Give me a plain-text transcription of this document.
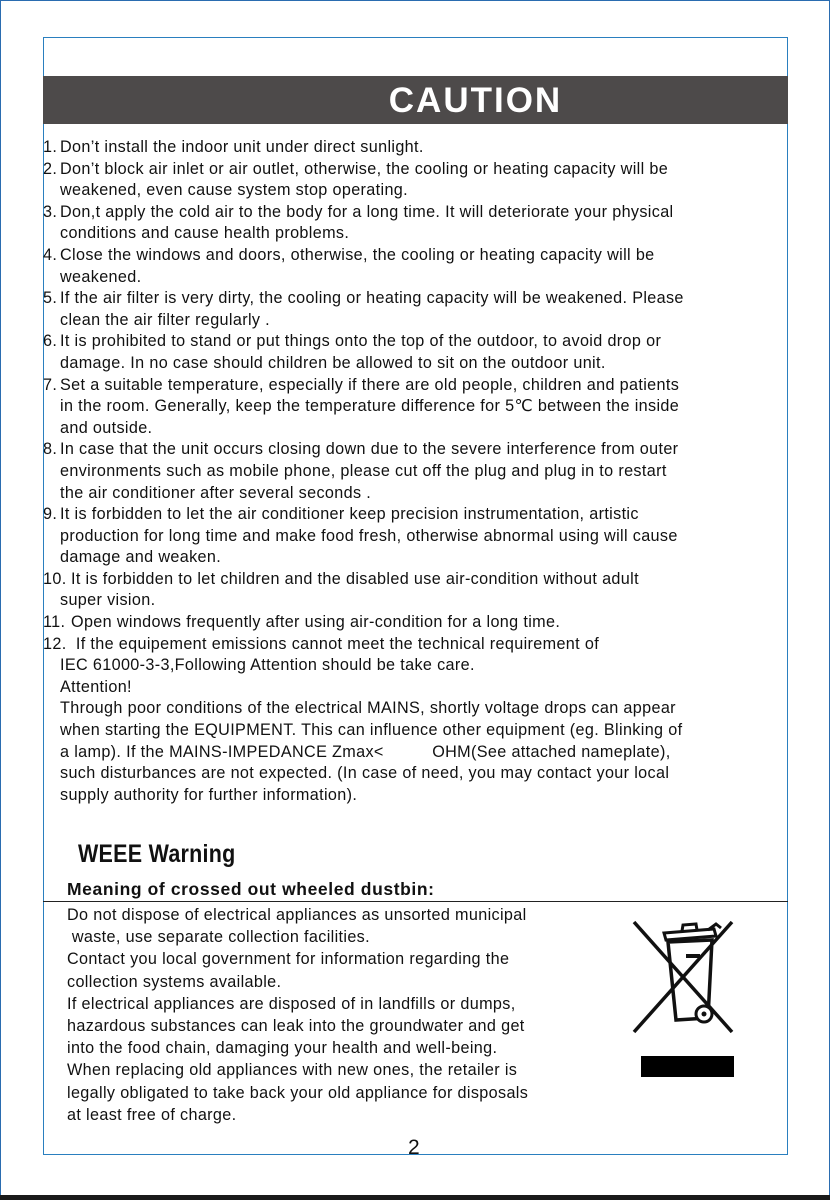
CAUTION
1. Don’t install the indoor unit under direct sunlight.

2. Don’t block air inlet or air outlet, otherwise, the cooling or heating capacity will be

weakened, even cause system stop operating.

3. Don,t apply the cold air to the body for a long time. It will deteriorate your physical

conditions and cause health problems.

4. Close the windows and doors, otherwise, the cooling or heating capacity will be

weakened.

5. If the air filter is very dirty, the cooling or heating capacity will be weakened. Please

clean the air filter regularly .

6. It is prohibited to stand or put things onto the top of the outdoor, to avoid drop or

damage. In no case should children be allowed to sit on the outdoor unit.

7. Set a suitable temperature, especially if there are old people, children and patients

in the room. Generally, keep the temperature difference for 5℃ between the inside

and outside.

8. In case that the unit occurs closing down due to the severe interference from outer

environments such as mobile phone, please cut off the plug and plug in to restart

the air conditioner after several seconds .

9. It is forbidden to let the air conditioner keep precision instrumentation, artistic

production for long time and make food fresh, otherwise abnormal using will cause

damage and weaken.

10. It is forbidden to let children and the disabled use air-condition without adult

super vision.

11. Open windows frequently after using air-condition for a long time.

12. If the equipement emissions cannot meet the technical requirement of

IEC 61000-3-3,Following Attention should be take care.

Attention!

Through poor conditions of the electrical MAINS, shortly voltage drops can appear

when starting the EQUIPMENT. This can influence other equipment (eg. Blinking of

a lamp). If the MAINS-IMPEDANCE Zmax<          OHM(See attached nameplate),

such disturbances are not expected. (In case of need, you may contact your local

supply authority for further information).

WEEE Warning
Meaning of crossed out wheeled dustbin:
Do not dispose of electrical appliances as unsorted municipal
waste, use separate collection facilities.
Contact you local government for information regarding the
collection systems available.
If electrical appliances are disposed of in landfills or dumps,
hazardous substances can leak into the groundwater and get
into the food chain, damaging your health and well-being.
When replacing old appliances with new ones, the retailer is
legally obligated to take back your old appliance for disposals
at least free of charge.
2
